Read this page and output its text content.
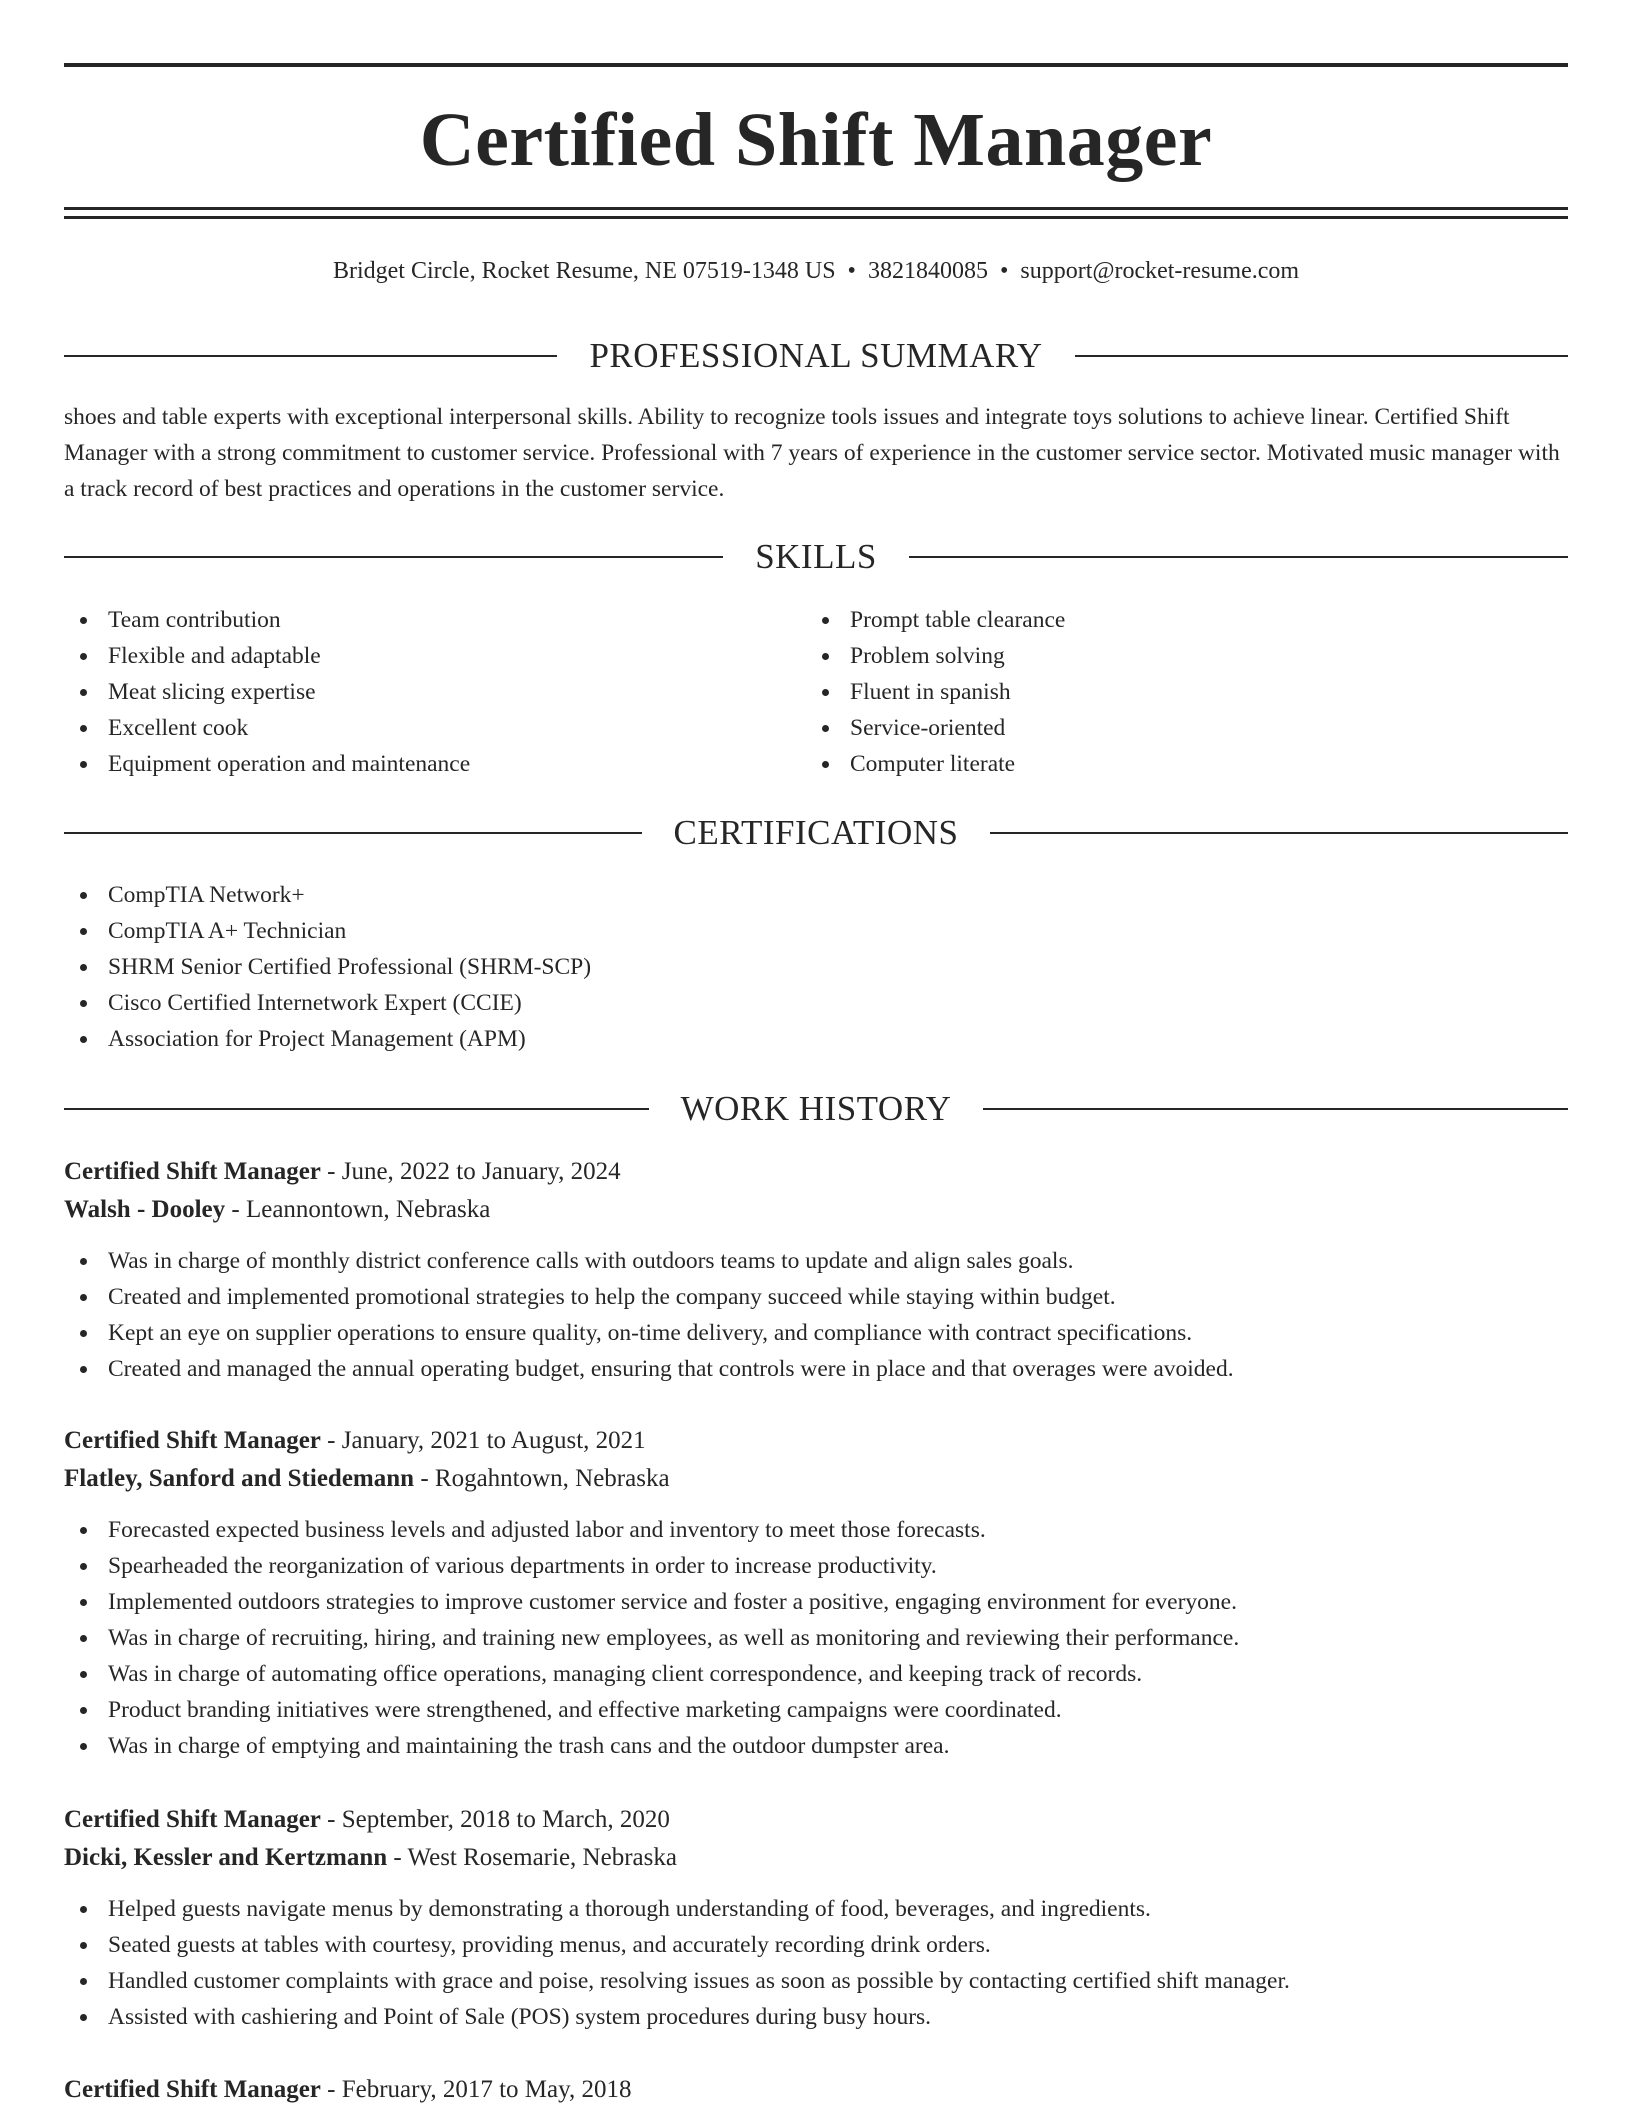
Certified Shift Manager
Bridget Circle, Rocket Resume, NE 07519-1348 US • 3821840085 • support@rocket-resume.com
PROFESSIONAL SUMMARY

shoes and table experts with exceptional interpersonal skills. Ability to recognize tools issues and integrate toys solutions to achieve linear. Certified Shift Manager with a strong commitment to customer service. Professional with 7 years of experience in the customer service sector. Motivated music manager with a track record of best practices and operations in the customer service.

SKILLS
Team contribution
Flexible and adaptable
Meat slicing expertise
Excellent cook
Equipment operation and maintenance
Prompt table clearance
Problem solving
Fluent in spanish
Service-oriented
Computer literate
CERTIFICATIONS
CompTIA Network+
CompTIA A+ Technician
SHRM Senior Certified Professional (SHRM-SCP)
Cisco Certified Internetwork Expert (CCIE)
Association for Project Management (APM)
WORK HISTORY
Certified Shift Manager - June, 2022 to January, 2024
Walsh - Dooley - Leannontown, Nebraska
Was in charge of monthly district conference calls with outdoors teams to update and align sales goals.
Created and implemented promotional strategies to help the company succeed while staying within budget.
Kept an eye on supplier operations to ensure quality, on-time delivery, and compliance with contract specifications.
Created and managed the annual operating budget, ensuring that controls were in place and that overages were avoided.
Certified Shift Manager - January, 2021 to August, 2021
Flatley, Sanford and Stiedemann - Rogahntown, Nebraska
Forecasted expected business levels and adjusted labor and inventory to meet those forecasts.
Spearheaded the reorganization of various departments in order to increase productivity.
Implemented outdoors strategies to improve customer service and foster a positive, engaging environment for everyone.
Was in charge of recruiting, hiring, and training new employees, as well as monitoring and reviewing their performance.
Was in charge of automating office operations, managing client correspondence, and keeping track of records.
Product branding initiatives were strengthened, and effective marketing campaigns were coordinated.
Was in charge of emptying and maintaining the trash cans and the outdoor dumpster area.
Certified Shift Manager - September, 2018 to March, 2020
Dicki, Kessler and Kertzmann - West Rosemarie, Nebraska
Helped guests navigate menus by demonstrating a thorough understanding of food, beverages, and ingredients.
Seated guests at tables with courtesy, providing menus, and accurately recording drink orders.
Handled customer complaints with grace and poise, resolving issues as soon as possible by contacting certified shift manager.
Assisted with cashiering and Point of Sale (POS) system procedures during busy hours.
Certified Shift Manager - February, 2017 to May, 2018
